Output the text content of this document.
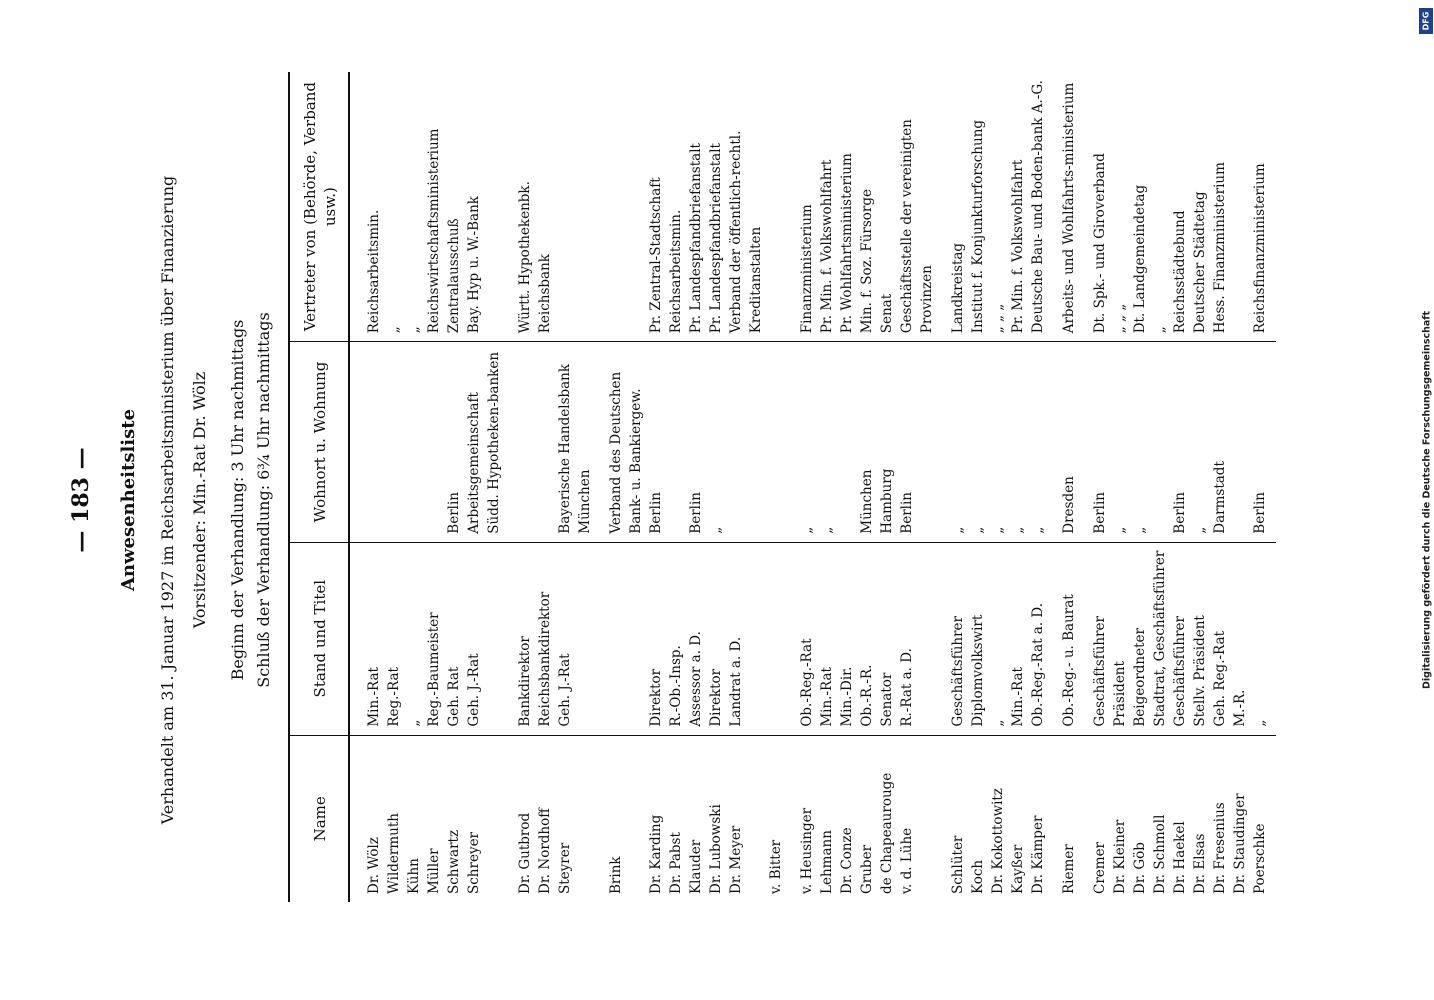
— 183 — Anwesenheitsliste Verhandelt am 31. Januar 1927 im Reichsarbeitsministerium über Finanzierung Vorsitzender: Min.-Rat Dr. Wölz Beginn der Verhandlung: 3 Uhr nachmittags Schluß der Verhandlung: 6¾ Uhr nachmittags
Name	Stand und Titel	Wohnort u. Wohnung	Vertreter von (Behörde, Verband usw.)
Dr. Wölz	Min.-Rat		Reichsarbeitsmin.
Wildermuth	Reg.-Rat		„
Kühn	„		„
Müller	Reg.-Baumeister		Reichswirtschaftsministerium
Schwartz	Geh. Rat	Berlin	Zentralausschuß
Schreyer	Geh. J.-Rat	Arbeitsgemeinschaft Südd. Hypotheken-banken	Bay. Hyp u. W.-Bank
Dr. Gutbrod	Bankdirektor		Württ. Hypothekenbk.
Dr. Nordhoff	Reichsbankdirektor		Reichsbank
Steyrer	Geh. J.-Rat	Bayerische Handelsbank München	
Brink		Verband des Deutschen Bank- u. Bankiergew.	
Dr. Karding	Direktor	Berlin	Pr. Zentral-Stadtschaft
Dr. Pabst	R.-Ob.-Insp.		Reichsarbeitsmin.
Klauder	Assessor a. D.	Berlin	Pr. Landespfandbriefanstalt
Dr. Lubowski	Direktor	„	Pr. Landespfandbriefanstalt
Dr. Meyer	Landrat a. D.		Verband der öffentlich-rechtl. Kreditanstalten
v. Bitter			
v. Heusinger	Ob.-Reg.-Rat	„	Finanzministerium
Lehmann	Min.-Rat	„	Pr. Min. f. Volkswohlfahrt
Dr. Conze	Min.-Dir.		Pr. Wohlfahrtsministerium
Gruber	Ob.-R.-R.	München	Min. f. Soz. Fürsorge
de Chapeaurouge	Senator	Hamburg	Senat
v. d. Lühe	R.-Rat a. D.	Berlin	Geschäftsstelle der vereinigten Provinzen
Schlüter	Geschäftsführer	„	Landkreistag
Koch	Diplomvolkswirt	„	Institut f. Konjunkturforschung
Dr. Kokottowitz	„	„	„ „ „
Kayßer	Min.-Rat	„	Pr. Min. f. Volkswohlfahrt
Dr. Kämper	Ob.-Reg.-Rat a. D.	„	Deutsche Bau- und Boden-bank A.-G.
Riemer	Ob.-Reg.- u. Baurat	Dresden	Arbeits- und Wohlfahrts-ministerium
Cremer	Geschäftsführer	Berlin	Dt. Spk.- und Giroverband
Dr. Kleiner	Präsident	„	„ „ „
Dr. Göb	Beigeordneter	„	Dt. Landgemeindetag
Dr. Schmoll	Stadtrat, Geschäftsführer		„
Dr. Haekel	Geschäftsführer	Berlin	Reichsstädtebund
Dr. Elsas	Stellv. Präsident	„	Deutscher Städtetag
Dr. Fresenius	Geh. Reg.-Rat	Darmstadt	Hess. Finanzministerium
Dr. Staudinger	M.-R.		
Poerschke	„	Berlin	Reichsfinanzministerium
Digitalisierung gefördert durch die Deutsche Forschungsgemeinschaft
DFG
